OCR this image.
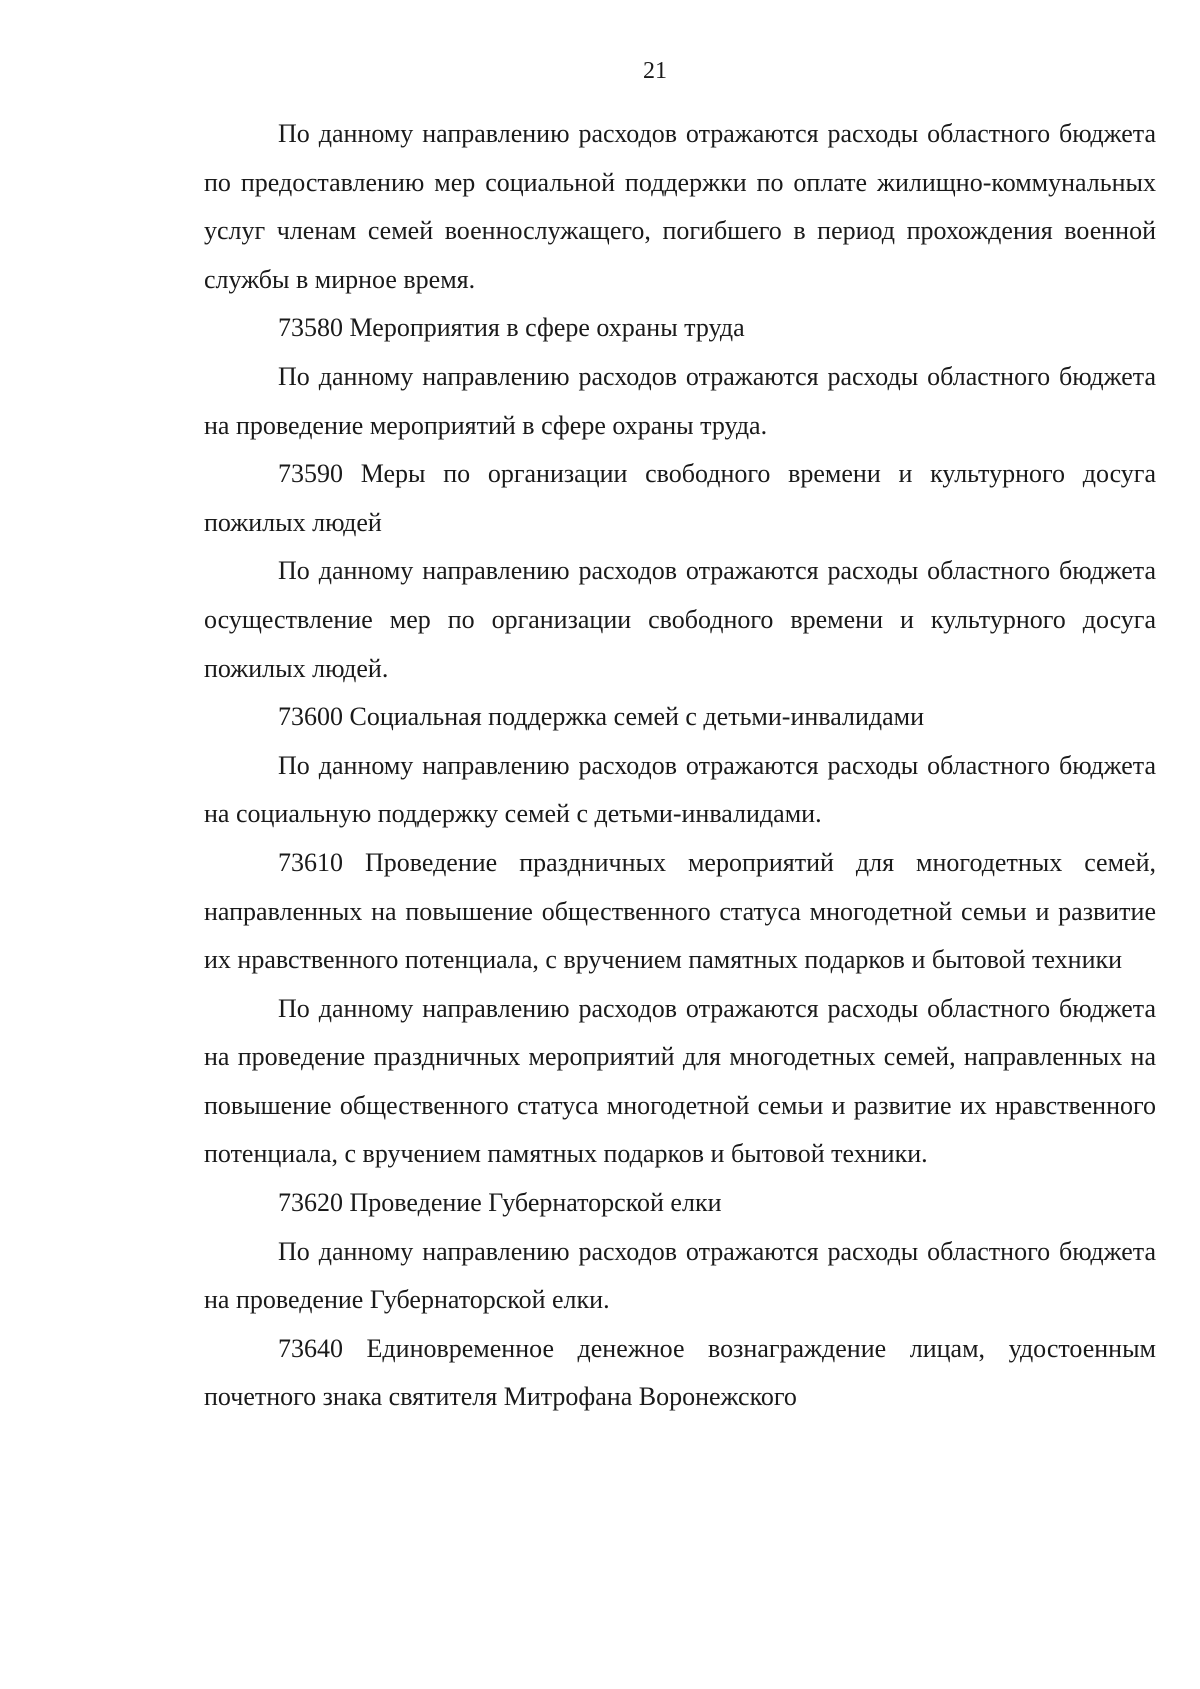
21

По данному направлению расходов отражаются расходы областного бюджета по предоставлению мер социальной поддержки по оплате жилищно-коммунальных услуг членам семей военнослужащего, погибшего в период прохождения военной службы в мирное время.

73580 Мероприятия в сфере охраны труда

По данному направлению расходов отражаются расходы областного бюджета на проведение мероприятий в сфере охраны труда.

73590 Меры по организации свободного времени и культурного досуга пожилых людей

По данному направлению расходов отражаются расходы областного бюджета осуществление мер по организации свободного времени и культурного досуга пожилых людей.

73600 Социальная поддержка семей с детьми-инвалидами

По данному направлению расходов отражаются расходы областного бюджета на социальную поддержку семей с детьми-инвалидами.

73610 Проведение праздничных мероприятий для многодетных семей, направленных на повышение общественного статуса многодетной семьи и развитие их нравственного потенциала, с вручением памятных подарков и бытовой техники

По данному направлению расходов отражаются расходы областного бюджета на проведение праздничных мероприятий для многодетных семей, направленных на повышение общественного статуса многодетной семьи и развитие их нравственного потенциала, с вручением памятных подарков и бытовой техники.

73620 Проведение Губернаторской елки

По данному направлению расходов отражаются расходы областного бюджета на проведение Губернаторской елки.

73640 Единовременное денежное вознаграждение лицам, удостоенным почетного знака святителя Митрофана Воронежского
